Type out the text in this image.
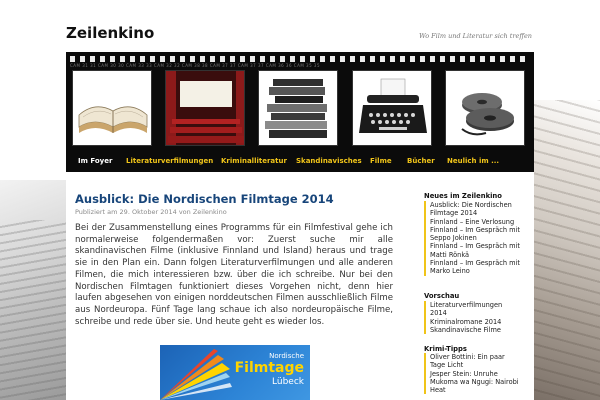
Zeilenkino	Wo Film und Literatur sich treffen
CAM 31 31 CAM 30 30 CAM 33 33 CAM 32 32 CAM 38 38 CAM 37 37 CAM 37 37 CAM 36 36 CAM 35 35
Im Foyer Literaturverfilmungen Kriminalliteratur Skandinavisches Filme Bücher Neulich im ...
Ausblick: Die Nordischen Filmtage 2014
Publiziert am 29. Oktober 2014 von Zeilenkino
Bei der Zusammenstellung eines Programms für ein Filmfestival gehe ich normalerweise folgendermaßen vor: Zuerst suche mir alle skandinavischen Filme (inklusive Finnland und Island) heraus und trage sie in den Plan ein. Dann folgen Literaturverfilmungen und alle anderen Filmen, die mich interessieren bzw. über die ich schreibe. Nur bei den Nordischen Filmtagen funktioniert dieses Vorgehen nicht, denn hier laufen abgesehen von einigen norddeutschen Filmen ausschließlich Filme aus Nordeuropa. Fünf Tage lang schaue ich also nordeuropäische Filme, schreibe und rede über sie. Und heute geht es wieder los.
Nordische
Filmtage
Lübeck
Neues im Zeilenkino
Ausblick: Die Nordischen
Filmtage 2014
Finnland – Eine Verlosung
Finnland – Im Gespräch mit
Seppo Jokinen
Finnland – Im Gespräch mit
Matti Rönkä
Finnland – Im Gespräch mit
Marko Leino
Vorschau
Literaturverfilmungen
2014
Kriminalromane 2014
Skandinavische Filme
Krimi-Tipps
Oliver Bottini: Ein paar
Tage Licht
Jesper Stein: Unruhe
Mukoma wa Ngugi: Nairobi
Heat
